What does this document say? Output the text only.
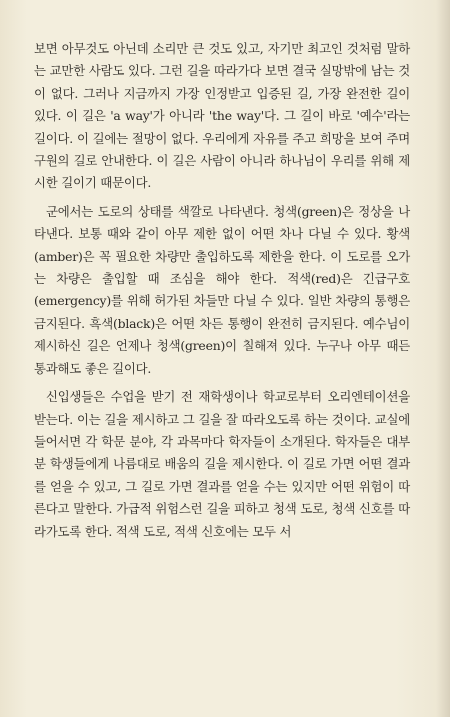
보면 아무것도 아닌데 소리만 큰 것도 있고, 자기만 최고인 것처럼 말하는 교만한 사람도 있다. 그런 길을 따라가다 보면 결국 실망밖에 남는 것이 없다. 그러나 지금까지 가장 인정받고 입증된 길, 가장 완전한 길이 있다. 이 길은 'a way'가 아니라 'the way'다. 그 길이 바로 '예수'라는 길이다. 이 길에는 절망이 없다. 우리에게 자유를 주고 희망을 보여 주며 구원의 길로 안내한다. 이 길은 사람이 아니라 하나님이 우리를 위해 제시한 길이기 때문이다.

군에서는 도로의 상태를 색깔로 나타낸다. 청색(green)은 정상을 나타낸다. 보통 때와 같이 아무 제한 없이 어떤 차나 다닐 수 있다. 황색(amber)은 꼭 필요한 차량만 출입하도록 제한을 한다. 이 도로를 오가는 차량은 출입할 때 조심을 해야 한다. 적색(red)은 긴급구호(emergency)를 위해 허가된 차들만 다닐 수 있다. 일반 차량의 통행은 금지된다. 흑색(black)은 어떤 차든 통행이 완전히 금지된다. 예수님이 제시하신 길은 언제나 청색(green)이 칠해져 있다. 누구나 아무 때든 통과해도 좋은 길이다.

신입생들은 수업을 받기 전 재학생이나 학교로부터 오리엔테이션을 받는다. 이는 길을 제시하고 그 길을 잘 따라오도록 하는 것이다. 교실에 들어서면 각 학문 분야, 각 과목마다 학자들이 소개된다. 학자들은 대부분 학생들에게 나름대로 배움의 길을 제시한다. 이 길로 가면 어떤 결과를 얻을 수 있고, 그 길로 가면 결과를 얻을 수는 있지만 어떤 위험이 따른다고 말한다. 가급적 위험스런 길을 피하고 청색 도로, 청색 신호를 따라가도록 한다. 적색 도로, 적색 신호에는 모두 서
